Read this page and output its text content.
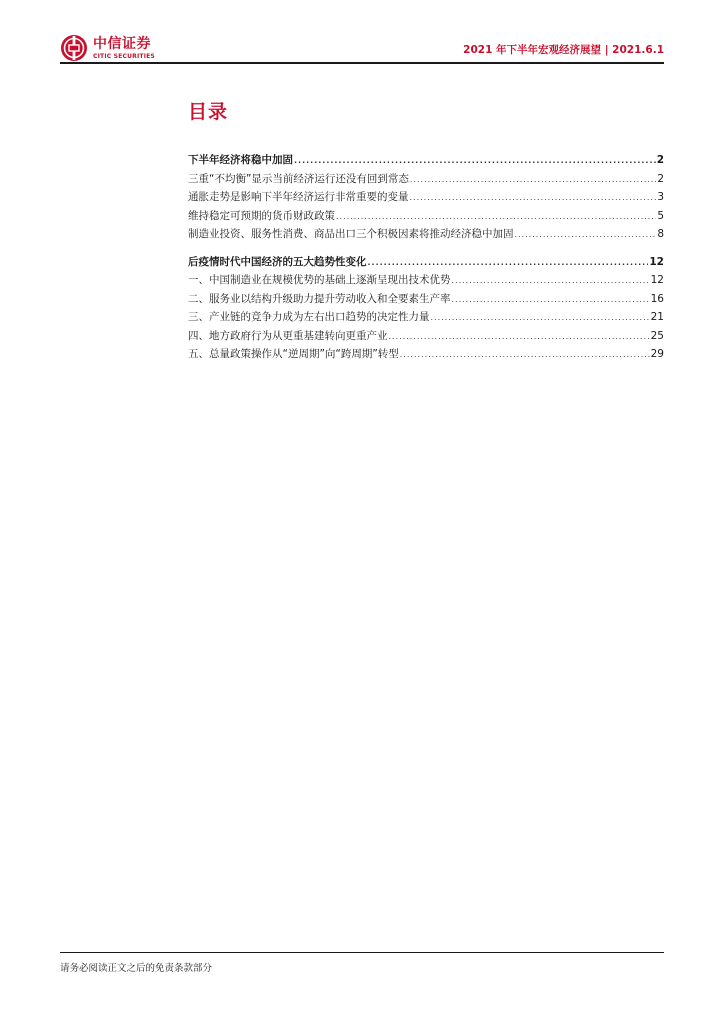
中信证券
CITIC SECURITIES	2021 年下半年宏观经济展望 | 2021.6.1
目录
下半年经济将稳中加固 .....	2
三重“不均衡”显示当前经济运行还没有回到常态 .....	2
通胀走势是影响下半年经济运行非常重要的变量 .....	3
维持稳定可预期的货币财政政策 .....	5
制造业投资、服务性消费、商品出口三个积极因素将推动经济稳中加固 .....	8
后疫情时代中国经济的五大趋势性变化 .....	12
一、中国制造业在规模优势的基础上逐渐呈现出技术优势 .....	12
二、服务业以结构升级助力提升劳动收入和全要素生产率 .....	16
三、产业链的竞争力成为左右出口趋势的决定性力量 .....	21
四、地方政府行为从更重基建转向更重产业 .....	25
五、总量政策操作从“逆周期”向“跨周期”转型 .....	29
请务必阅读正文之后的免责条款部分
